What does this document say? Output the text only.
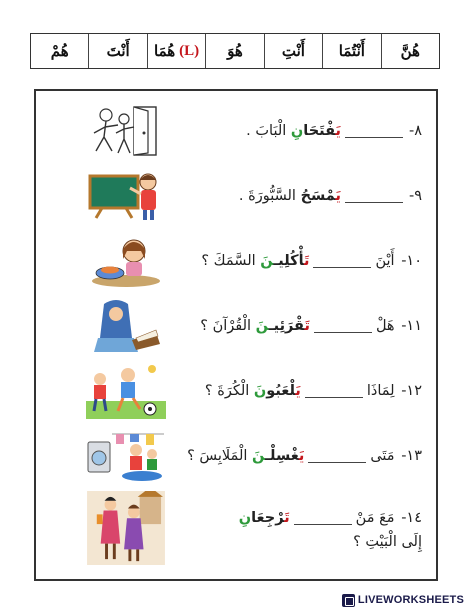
هُنَّ
أَنْتُمَا
أَنْتِ
هُوَ
هُمَا (L)
أَنْتَ
هُمْ
٨-
يَفْتَحَانِ

الْبَابَ .
٩-
يَمْسَحُ

السَّبُّورَةَ .
١٠-

أَيْنَ
تَأْكُلِيـنَ

السَّمَكَ ؟
١١-

هَلْ
تَقْرَئِيـنَ

الْقُرْآنَ ؟
١٢-

لِمَاذَا
يَلْعَبُونَ

الْكُرَةَ ؟
١٣-

مَتَى
يَغْسِلْـنَ

الْمَلَابِسَ ؟
١٤-

مَعَ مَنْ
تَرْجِعَانِ

إِلَى الْبَيْتِ ؟
LIVEWORKSHEETS
